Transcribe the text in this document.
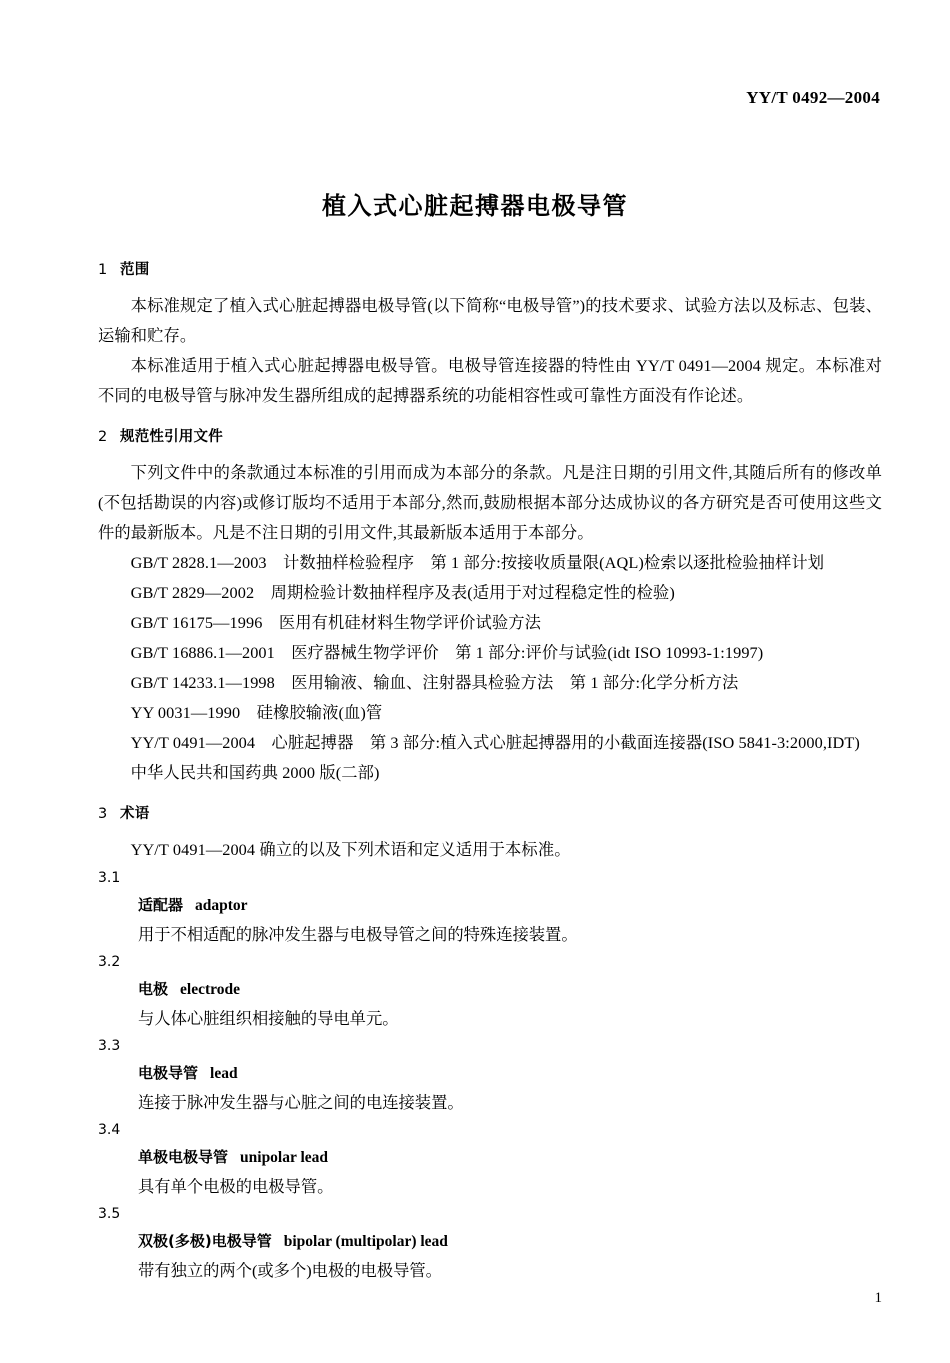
YY/T 0492—2004
植入式心脏起搏器电极导管
1 范围

本标准规定了植入式心脏起搏器电极导管(以下简称“电极导管”)的技术要求、试验方法以及标志、包装、运输和贮存。

本标准适用于植入式心脏起搏器电极导管。电极导管连接器的特性由 YY/T 0491—2004 规定。本标准对不同的电极导管与脉冲发生器所组成的起搏器系统的功能相容性或可靠性方面没有作论述。

2 规范性引用文件

下列文件中的条款通过本标准的引用而成为本部分的条款。凡是注日期的引用文件,其随后所有的修改单(不包括勘误的内容)或修订版均不适用于本部分,然而,鼓励根据本部分达成协议的各方研究是否可使用这些文件的最新版本。凡是不注日期的引用文件,其最新版本适用于本部分。

GB/T 2828.1—2003　计数抽样检验程序　第 1 部分:按接收质量限(AQL)检索以逐批检验抽样计划

GB/T 2829—2002　周期检验计数抽样程序及表(适用于对过程稳定性的检验)

GB/T 16175—1996　医用有机硅材料生物学评价试验方法

GB/T 16886.1—2001　医疗器械生物学评价　第 1 部分:评价与试验(idt ISO 10993-1:1997)

GB/T 14233.1—1998　医用输液、输血、注射器具检验方法　第 1 部分:化学分析方法

YY 0031—1990　硅橡胶输液(血)管

YY/T 0491—2004　心脏起搏器　第 3 部分:植入式心脏起搏器用的小截面连接器(ISO 5841-3:2000,IDT)

中华人民共和国药典 2000 版(二部)

3 术语

YY/T 0491—2004 确立的以及下列术语和定义适用于本标准。

3.1

适配器 adaptor

用于不相适配的脉冲发生器与电极导管之间的特殊连接装置。

3.2

电极 electrode

与人体心脏组织相接触的导电单元。

3.3

电极导管 lead

连接于脉冲发生器与心脏之间的电连接装置。

3.4

单极电极导管 unipolar lead

具有单个电极的电极导管。

3.5

双极(多极)电极导管 bipolar (multipolar) lead

带有独立的两个(或多个)电极的电极导管。

1
